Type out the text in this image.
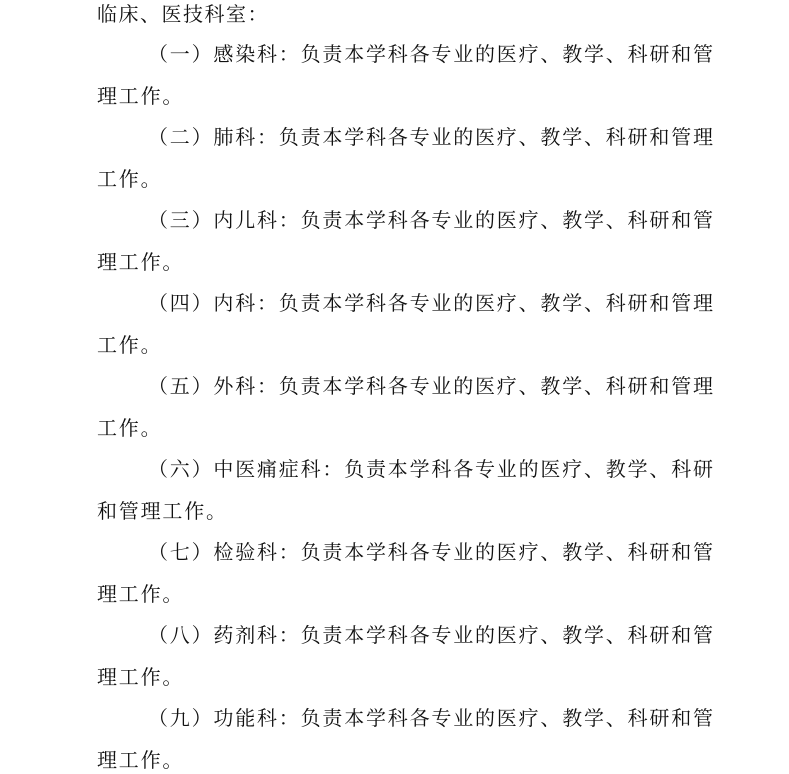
临床、医技科室：
（一）感染科：负责本学科各专业的医疗、教学、科研和管
理工作。
（二）肺科：负责本学科各专业的医疗、教学、科研和管理
工作。
（三）内儿科：负责本学科各专业的医疗、教学、科研和管
理工作。
（四）内科：负责本学科各专业的医疗、教学、科研和管理
工作。
（五）外科：负责本学科各专业的医疗、教学、科研和管理
工作。
（六）中医痛症科：负责本学科各专业的医疗、教学、科研
和管理工作。
（七）检验科：负责本学科各专业的医疗、教学、科研和管
理工作。
（八）药剂科：负责本学科各专业的医疗、教学、科研和管
理工作。
（九）功能科：负责本学科各专业的医疗、教学、科研和管
理工作。
